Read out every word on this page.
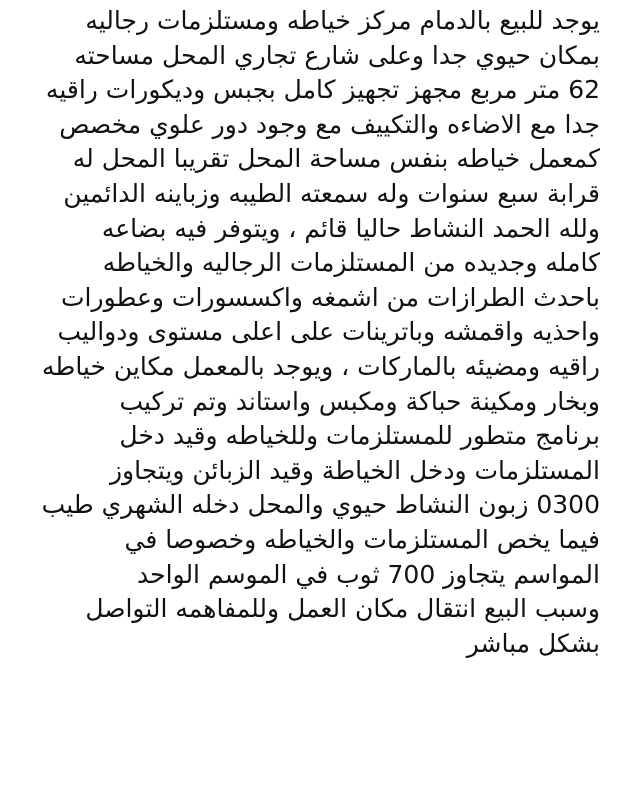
يوجد للبيع بالدمام مركز خياطه ومستلزمات رجاليه
بمكان حيوي جدا وعلى شارع تجاري المحل مساحته
62 متر مربع مجهز تجهيز كامل بجبس وديكورات راقيه
جدا مع الاضاءه والتكييف مع وجود دور علوي مخصص
كمعمل خياطه بنفس مساحة المحل تقريبا المحل له
قرابة سبع سنوات وله سمعته الطيبه وزباينه الدائمين
ولله الحمد النشاط حاليا قائم ، ويتوفر فيه بضاعه
كامله وجديده من المستلزمات الرجاليه والخياطه
باحدث الطرازات من اشمغه واكسسورات وعطورات
واحذيه واقمشه وباترينات على اعلى مستوى ودواليب
راقيه ومضيئه بالماركات ، ويوجد بالمعمل مكاين خياطه
وبخار ومكينة حباكة ومكبس واستاند وتم تركيب
برنامج متطور للمستلزمات وللخياطه وقيد دخل
المستلزمات ودخل الخياطة وقيد الزبائن ويتجاوز
0300 زبون النشاط حيوي والمحل دخله الشهري طيب
فيما يخص المستلزمات والخياطه وخصوصا في
المواسم يتجاوز 700 ثوب في الموسم الواحد
وسبب البيع انتقال مكان العمل وللمفاهمه التواصل
بشكل مباشر
